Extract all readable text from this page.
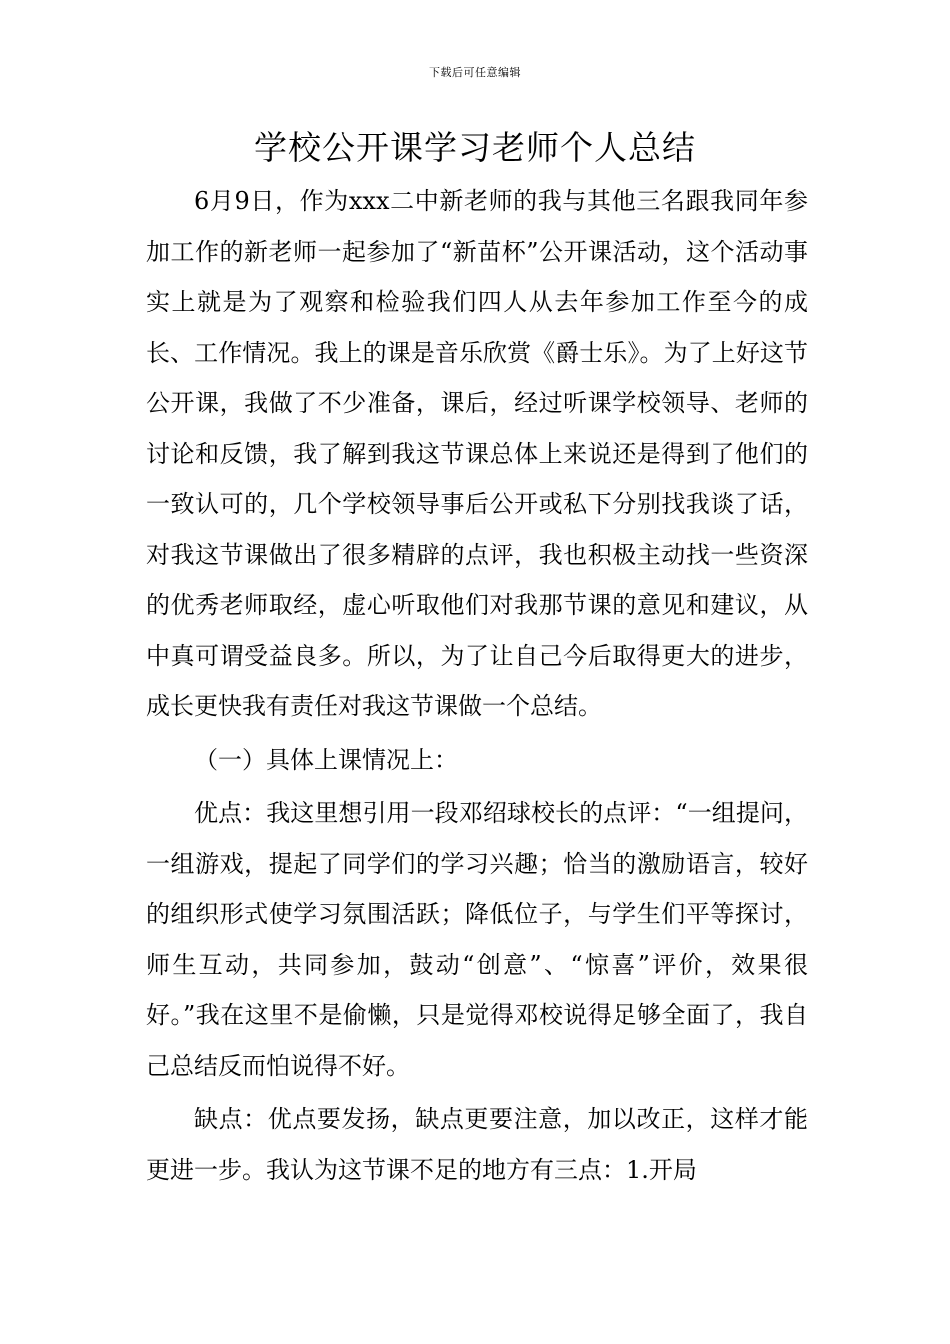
下载后可任意编辑
学校公开课学习老师个人总结

6月9日，作为xxx二中新老师的我与其他三名跟我同年参加工作的新老师一起参加了“新苗杯”公开课活动，这个活动事实上就是为了观察和检验我们四人从去年参加工作至今的成长、工作情况。我上的课是音乐欣赏《爵士乐》。为了上好这节公开课，我做了不少准备，课后，经过听课学校领导、老师的讨论和反馈，我了解到我这节课总体上来说还是得到了他们的一致认可的，几个学校领导事后公开或私下分别找我谈了话，对我这节课做出了很多精辟的点评，我也积极主动找一些资深的优秀老师取经，虚心听取他们对我那节课的意见和建议，从中真可谓受益良多。所以，为了让自己今后取得更大的进步，成长更快我有责任对我这节课做一个总结。

（一）具体上课情况上：

优点：我这里想引用一段邓绍球校长的点评：“一组提问，一组游戏，提起了同学们的学习兴趣；恰当的激励语言，较好的组织形式使学习氛围活跃；降低位子，与学生们平等探讨，师生互动，共同参加，鼓动“创意”、“惊喜”评价，效果很好。”我在这里不是偷懒，只是觉得邓校说得足够全面了，我自己总结反而怕说得不好。

缺点：优点要发扬，缺点更要注意，加以改正，这样才能更进一步。我认为这节课不足的地方有三点：1.开局
